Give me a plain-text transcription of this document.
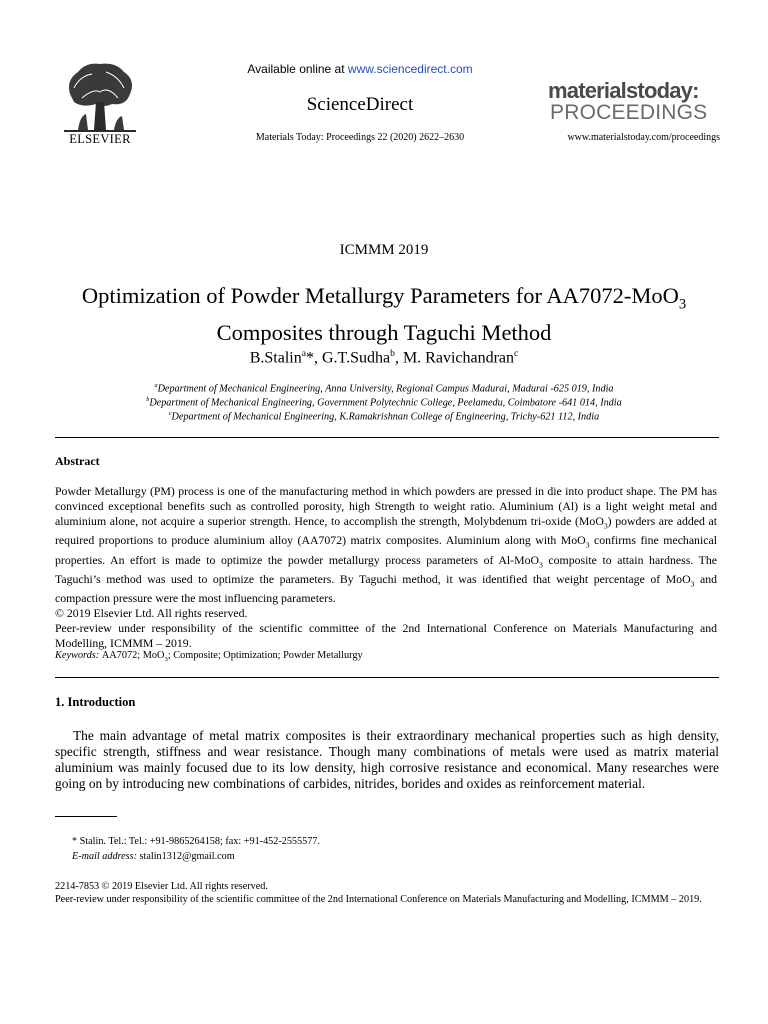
ELSEVIER
Available online at www.sciencedirect.com
ScienceDirect
Materials Today: Proceedings 22 (2020) 2622–2630
materialstoday:
PROCEEDINGS
www.materialstoday.com/proceedings
ICMMM 2019
Optimization of Powder Metallurgy Parameters for AA7072-MoO$_3$
Composites through Taguchi Method
B.Stalin$^a$*, G.T.Sudha$^b$, M. Ravichandran$^c$
$^a$Department of Mechanical Engineering, Anna University, Regional Campus Madurai, Madurai -625 019, India
$^b$Department of Mechanical Engineering, Government Polytechnic College, Peelamedu, Coimbatore -641 014, India
$^c$Department of Mechanical Engineering, K.Ramakrishnan College of Engineering, Trichy-621 112, India
Abstract

Powder Metallurgy (PM) process is one of the manufacturing method in which powders are pressed in die into product shape. The PM has convinced exceptional benefits such as controlled porosity, high Strength to weight ratio. Aluminium (Al) is a light weight metal and aluminium alone, not acquire a superior strength. Hence, to accomplish the strength, Molybdenum tri-oxide (MoO$_3$) powders are added at required proportions to produce aluminium alloy (AA7072) matrix composites. Aluminium along with MoO$_3$ confirms fine mechanical properties. An effort is made to optimize the powder metallurgy process parameters of Al-MoO$_3$ composite to attain hardness. The Taguchi’s method was used to optimize the parameters. By Taguchi method, it was identified that weight percentage of MoO$_3$ and compaction pressure were the most influencing parameters.

© 2019 Elsevier Ltd. All rights reserved.

Peer-review under responsibility of the scientific committee of the 2nd International Conference on Materials Manufacturing and Modelling, ICMMM – 2019.

Keywords: AA7072; MoO$_3$; Composite; Optimization; Powder Metallurgy
1. Introduction

The main advantage of metal matrix composites is their extraordinary mechanical properties such as high density, specific strength, stiffness and wear resistance. Though many combinations of metals were used as matrix material aluminium was mainly focused due to its low density, high corrosive resistance and economical. Many researches were going on by introducing new combinations of carbides, nitrides, borides and oxides as reinforcement material.

* Stalin. Tel.: Tel.: +91-9865264158; fax: +91-452-2555577.
E-mail address: stalin1312@gmail.com

2214-7853 © 2019 Elsevier Ltd. All rights reserved.

Peer-review under responsibility of the scientific committee of the 2nd International Conference on Materials Manufacturing and Modelling, ICMMM – 2019.
